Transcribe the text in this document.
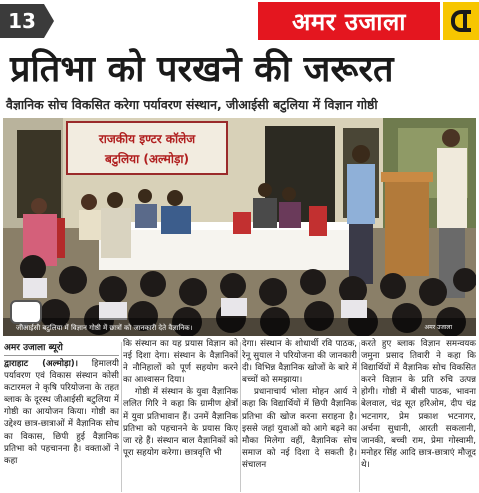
13	अमर उजाला
प्रतिभा को परखने की जरूरत
वैज्ञानिक सोच विकसित करेगा पर्यावरण संस्थान, जीआईसी बटुलिया में विज्ञान गोष्ठी
राजकीय इण्टर कॉलेज
बटुलिया (अल्मोड़ा)
जीआईसी बटुलिया में विज्ञान गोष्ठी में छात्रों को जानकारी देते वैज्ञानिक।	अमर उजाला
अमर उजाला ब्यूरो
द्वाराहाट (अल्मोड़ा)। हिमालयी पर्यावरण एवं विकास संस्थान कोसी कटारमल ने कृषि परियोजना के तहत ब्लाक के दूरस्थ जीआईसी बटुलिया में गोष्ठी का आयोजन किया। गोष्ठी का उद्देश्य छात्र-छात्राओं में वैज्ञानिक सोच का विकास, छिपी हुई वैज्ञानिक प्रतिभा को पहचानना है। वक्ताओं ने कहा
कि संस्थान का यह प्रयास विज्ञान को नई दिशा देगा। संस्थान के वैज्ञानिकों ने नौनिहालों को पूर्ण सहयोग करने का आश्वासन दिया।
गोष्ठी में संस्थान के युवा वैज्ञानिक ललित गिरि ने कहा कि ग्रामीण क्षेत्रों में युवा प्रतिभावान हैं। उनमें वैज्ञानिक प्रतिभा को पहचानने के प्रयास किए जा रहे हैं। संस्थान बाल वैज्ञानिकों को पूरा सहयोग करेगा। छात्रवृत्ति भी
देगा। संस्थान के शोधार्थी रवि पाठक, रेनू सुयाल ने परियोजना की जानकारी दी। विभिन्न वैज्ञानिक खोजों के बारे में बच्चों को समझाया।
प्रधानाचार्य भोला मोहन आर्य ने कहा कि विद्यार्थियों में छिपी वैज्ञानिक प्रतिभा की खोज करना सराहना है। इससे जहां युवाओं को आगे बढ़ने का मौका मिलेगा वहीं, वैज्ञानिक सोच समाज को नई दिशा दे सकती है। संचालन
करते हुए ब्लाक विज्ञान समन्वयक जमुना प्रसाद तिवारी ने कहा कि विद्यार्थियों में वैज्ञानिक सोच विकसित करने विज्ञान के प्रति रुचि उत्पन्न होगी। गोष्ठी में बीसी पाठक, भावना बेलवाल, चंद्र सूत हरिओम, दीप चंद्र भटनागर, प्रेम प्रकाश भटनागर, अर्चना सुधानी, आरती सकलानी, जानकी, बच्ची राम, प्रेमा गोस्वामी, मनोहर सिंह आदि छात्र-छात्राएं मौजूद थे।
